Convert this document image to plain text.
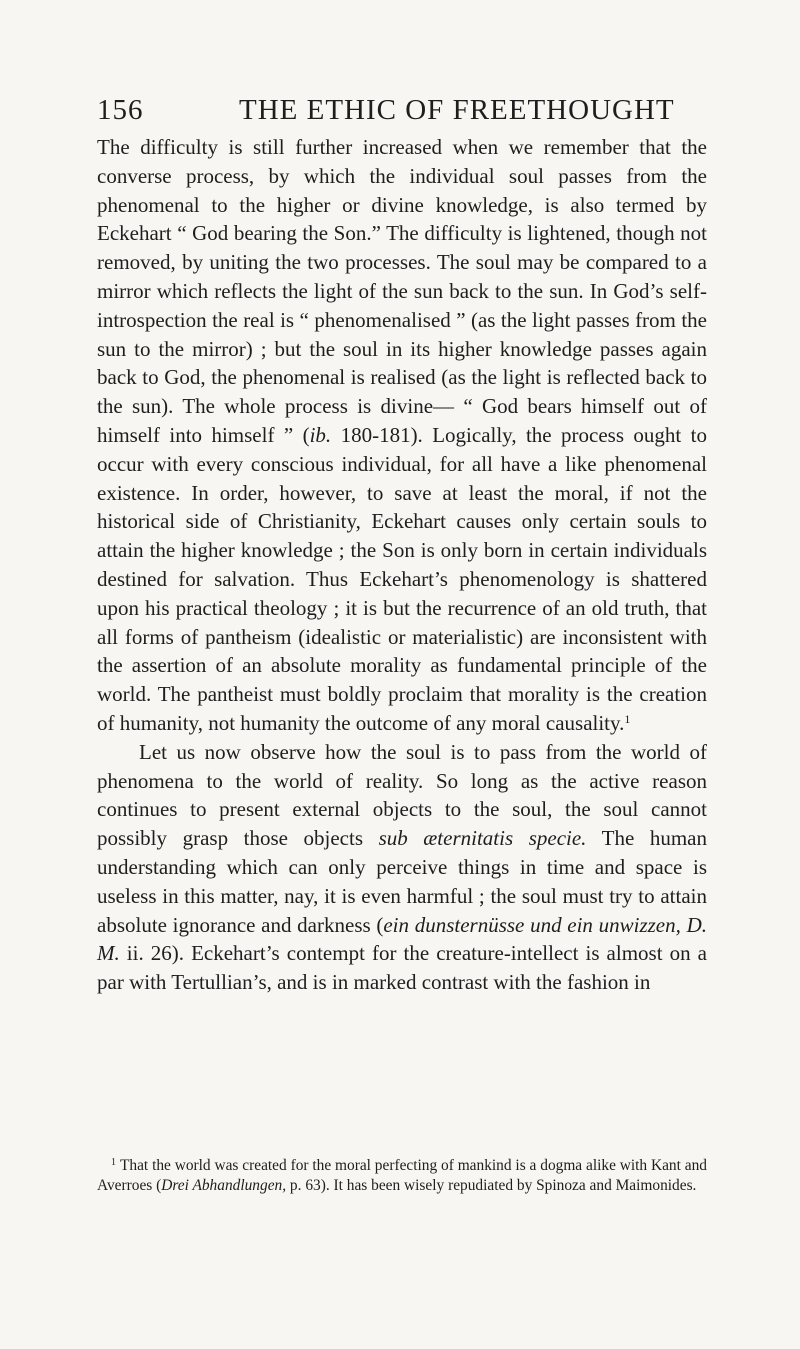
156	THE ETHIC OF FREETHOUGHT

The difficulty is still further increased when we remember that the converse process, by which the individual soul passes from the phenomenal to the higher or divine knowledge, is also termed by Eckehart “ God bearing the Son.” The difficulty is lightened, though not removed, by uniting the two processes. The soul may be compared to a mirror which reflects the light of the sun back to the sun. In God’s self-introspection the real is “ phenomenalised ” (as the light passes from the sun to the mirror) ; but the soul in its higher knowledge passes again back to God, the phenomenal is realised (as the light is reflected back to the sun). The whole process is divine— “ God bears himself out of himself into himself ” (ib. 180-181). Logically, the process ought to occur with every conscious individual, for all have a like phenomenal existence. In order, however, to save at least the moral, if not the historical side of Christianity, Eckehart causes only certain souls to attain the higher knowledge ; the Son is only born in certain individuals destined for salvation. Thus Eckehart’s phenomenology is shattered upon his practical theology ; it is but the recurrence of an old truth, that all forms of pantheism (idealistic or materialistic) are inconsistent with the assertion of an absolute morality as fundamental principle of the world. The pantheist must boldly proclaim that morality is the creation of humanity, not humanity the outcome of any moral causality.$^1$

Let us now observe how the soul is to pass from the world of phenomena to the world of reality. So long as the active reason continues to present external objects to the soul, the soul cannot possibly grasp those objects sub æternitatis specie. The human understanding which can only perceive things in time and space is useless in this matter, nay, it is even harmful ; the soul must try to attain absolute ignorance and darkness (ein dunsternüsse und ein unwizzen, D. M. ii. 26). Eckehart’s contempt for the creature-intellect is almost on a par with Tertullian’s, and is in marked contrast with the fashion in

$^1$ That the world was created for the moral perfecting of mankind is a dogma alike with Kant and Averroes (Drei Abhandlungen, p. 63). It has been wisely repudiated by Spinoza and Maimonides.
